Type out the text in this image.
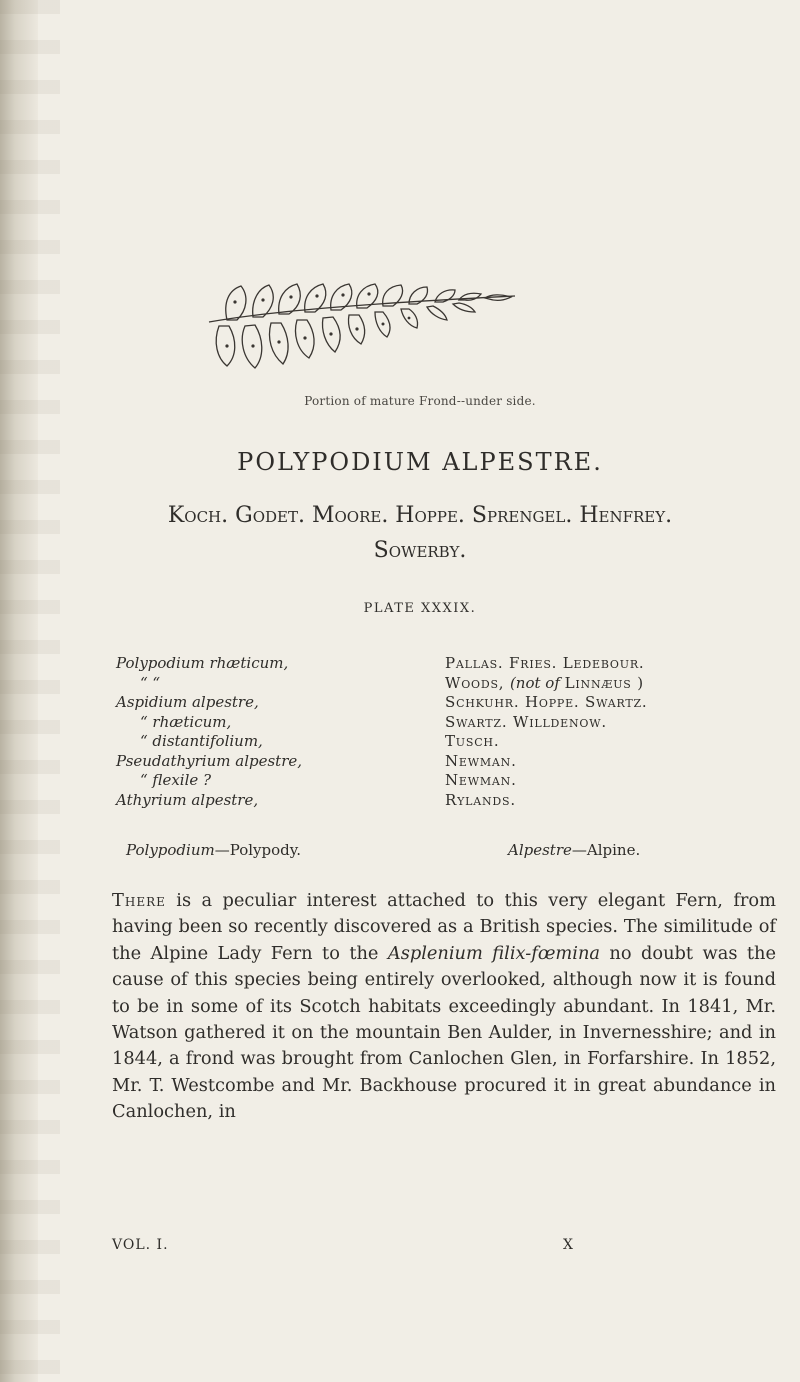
Portion of mature Frond--under side.
POLYPODIUM ALPESTRE.
Koch. Godet. Moore. Hoppe. Sprengel. Henfrey.
Sowerby.
PLATE XXXIX.
Polypodium rhæticum,
“ “
Aspidium alpestre,
“ rhæticum,
“ distantifolium,
Pseudathyrium alpestre,
“ flexile ?
Athyrium alpestre,
Pallas. Fries. Ledebour.
Woods, (not of Linnæus )
Schkuhr. Hoppe. Swartz.
Swartz. Willdenow.
Tusch.
Newman.
Newman.
Rylands.
Polypodium—Polypody.	Alpestre—Alpine.
There is a peculiar interest attached to this very elegant Fern, from having been so recently discovered as a British species. The similitude of the Alpine Lady Fern to the Asplenium filix-fœmina no doubt was the cause of this species being entirely overlooked, although now it is found to be in some of its Scotch habitats exceedingly abundant. In 1841, Mr. Watson gathered it on the mountain Ben Aulder, in Invernesshire; and in 1844, a frond was brought from Canlochen Glen, in Forfarshire. In 1852, Mr. T. Westcombe and Mr. Backhouse procured it in great abundance in Canlochen, in
VOL. I.	X
